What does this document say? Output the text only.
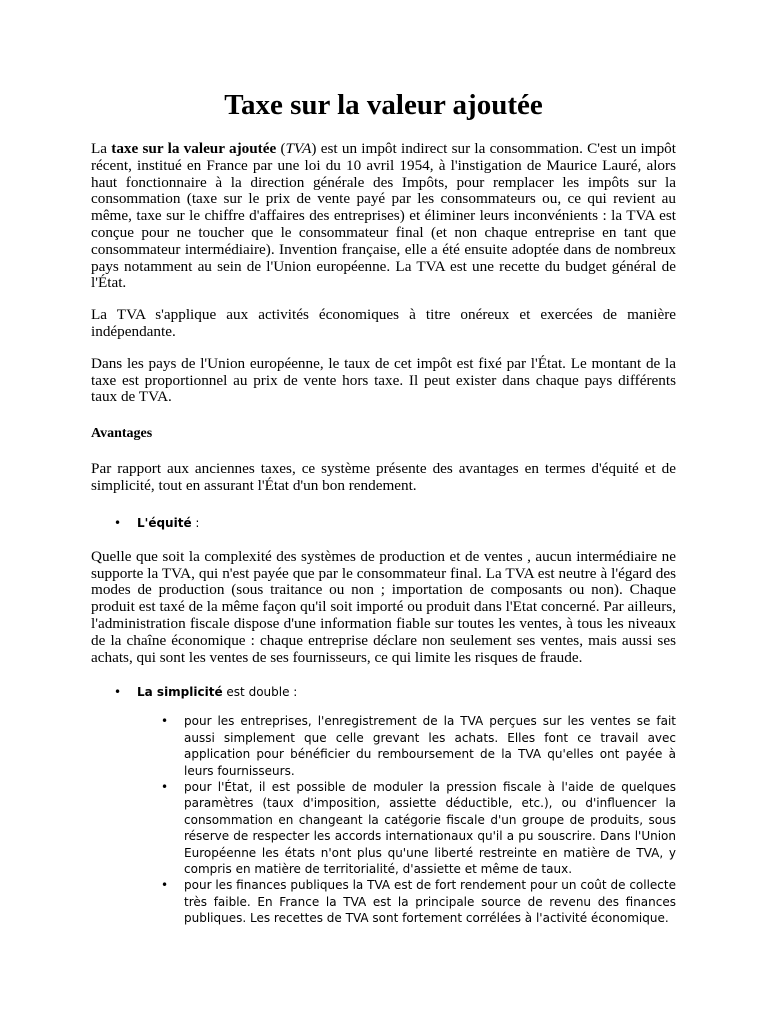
Taxe sur la valeur ajoutée

La taxe sur la valeur ajoutée (TVA) est un impôt indirect sur la consommation. C'est un impôt récent, institué en France par une loi du 10 avril 1954, à l'instigation de Maurice Lauré, alors haut fonctionnaire à la direction générale des Impôts, pour remplacer les impôts sur la consommation (taxe sur le prix de vente payé par les consommateurs ou, ce qui revient au même, taxe sur le chiffre d'affaires des entreprises) et éliminer leurs inconvénients : la TVA est conçue pour ne toucher que le consommateur final (et non chaque entreprise en tant que consommateur intermédiaire). Invention française, elle a été ensuite adoptée dans de nombreux pays notamment au sein de l'Union européenne. La TVA est une recette du budget général de l'État.

La TVA s'applique aux activités économiques à titre onéreux et exercées de manière indépendante.

Dans les pays de l'Union européenne, le taux de cet impôt est fixé par l'État. Le montant de la taxe est proportionnel au prix de vente hors taxe. Il peut exister dans chaque pays différents taux de TVA.

Avantages

Par rapport aux anciennes taxes, ce système présente des avantages en termes d'équité et de simplicité, tout en assurant l'État d'un bon rendement.

• L'équité :

Quelle que soit la complexité des systèmes de production et de ventes , aucun intermédiaire ne supporte la TVA, qui n'est payée que par le consommateur final. La TVA est neutre à l'égard des modes de production (sous traitance ou non ; importation de composants ou non). Chaque produit est taxé de la même façon qu'il soit importé ou produit dans l'Etat concerné. Par ailleurs, l'administration fiscale dispose d'une information fiable sur toutes les ventes, à tous les niveaux de la chaîne économique : chaque entreprise déclare non seulement ses ventes, mais aussi ses achats, qui sont les ventes de ses fournisseurs, ce qui limite les risques de fraude.

• La simplicité est double :
• pour les entreprises, l'enregistrement de la TVA perçues sur les ventes se fait aussi simplement que celle grevant les achats. Elles font ce travail avec application pour bénéficier du remboursement de la TVA qu'elles ont payée à leurs fournisseurs.
• pour l'État, il est possible de moduler la pression fiscale à l'aide de quelques paramètres (taux d'imposition, assiette déductible, etc.), ou d'influencer la consommation en changeant la catégorie fiscale d'un groupe de produits, sous réserve de respecter les accords internationaux qu'il a pu souscrire. Dans l'Union Européenne les états n'ont plus qu'une liberté restreinte en matière de TVA, y compris en matière de territorialité, d'assiette et même de taux.
• pour les finances publiques la TVA est de fort rendement pour un coût de collecte très faible. En France la TVA est la principale source de revenu des finances publiques. Les recettes de TVA sont fortement corrélées à l'activité économique.
